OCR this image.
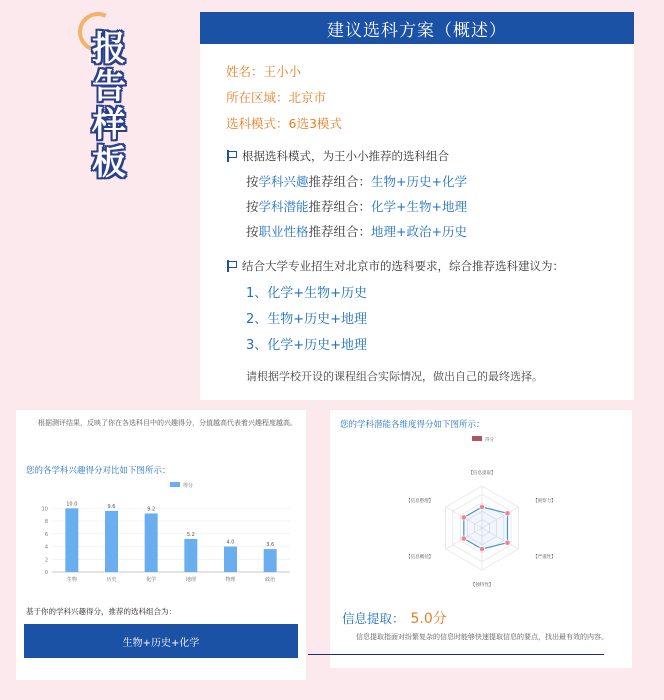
报
告
样
板
建议选科方案（概述）
姓名：王小小
所在区域：北京市
选科模式：6选3模式
根据选科模式，为王小小推荐的选科组合
按学科兴趣推荐组合：生物+历史+化学
按学科潜能推荐组合：化学+生物+地理
按职业性格推荐组合：地理+政治+历史
结合大学专业招生对北京市的选科要求，综合推荐选科建议为：
1、化学+生物+历史
2、生物+历史+地理
3、化学+历史+地理
请根据学校开设的课程组合实际情况，做出自己的最终选择。
根据测评结果，反映了你在各选科目中的兴趣得分，分值越高代表着兴趣程度越高。
您的各学科兴趣得分对比如下图所示：
得分
0
2
4
6
8
10
10.0
生物
9.6
历史
9.2
化学
5.2
地理
4.0
物理
3.6
政治
基于你的学科兴趣得分，推荐的选科组合为：
生物+历史+化学
您的学科潜能各维度得分如下图所示：
得分
【信息提取】
【洞察力】
【严谨性】
【独特性】
【信息概括】
【信息整理】
信息提取： 5.0分
信息提取指面对纷繁复杂的信息时能够快速提取信息的要点，找出最有效的内容。
